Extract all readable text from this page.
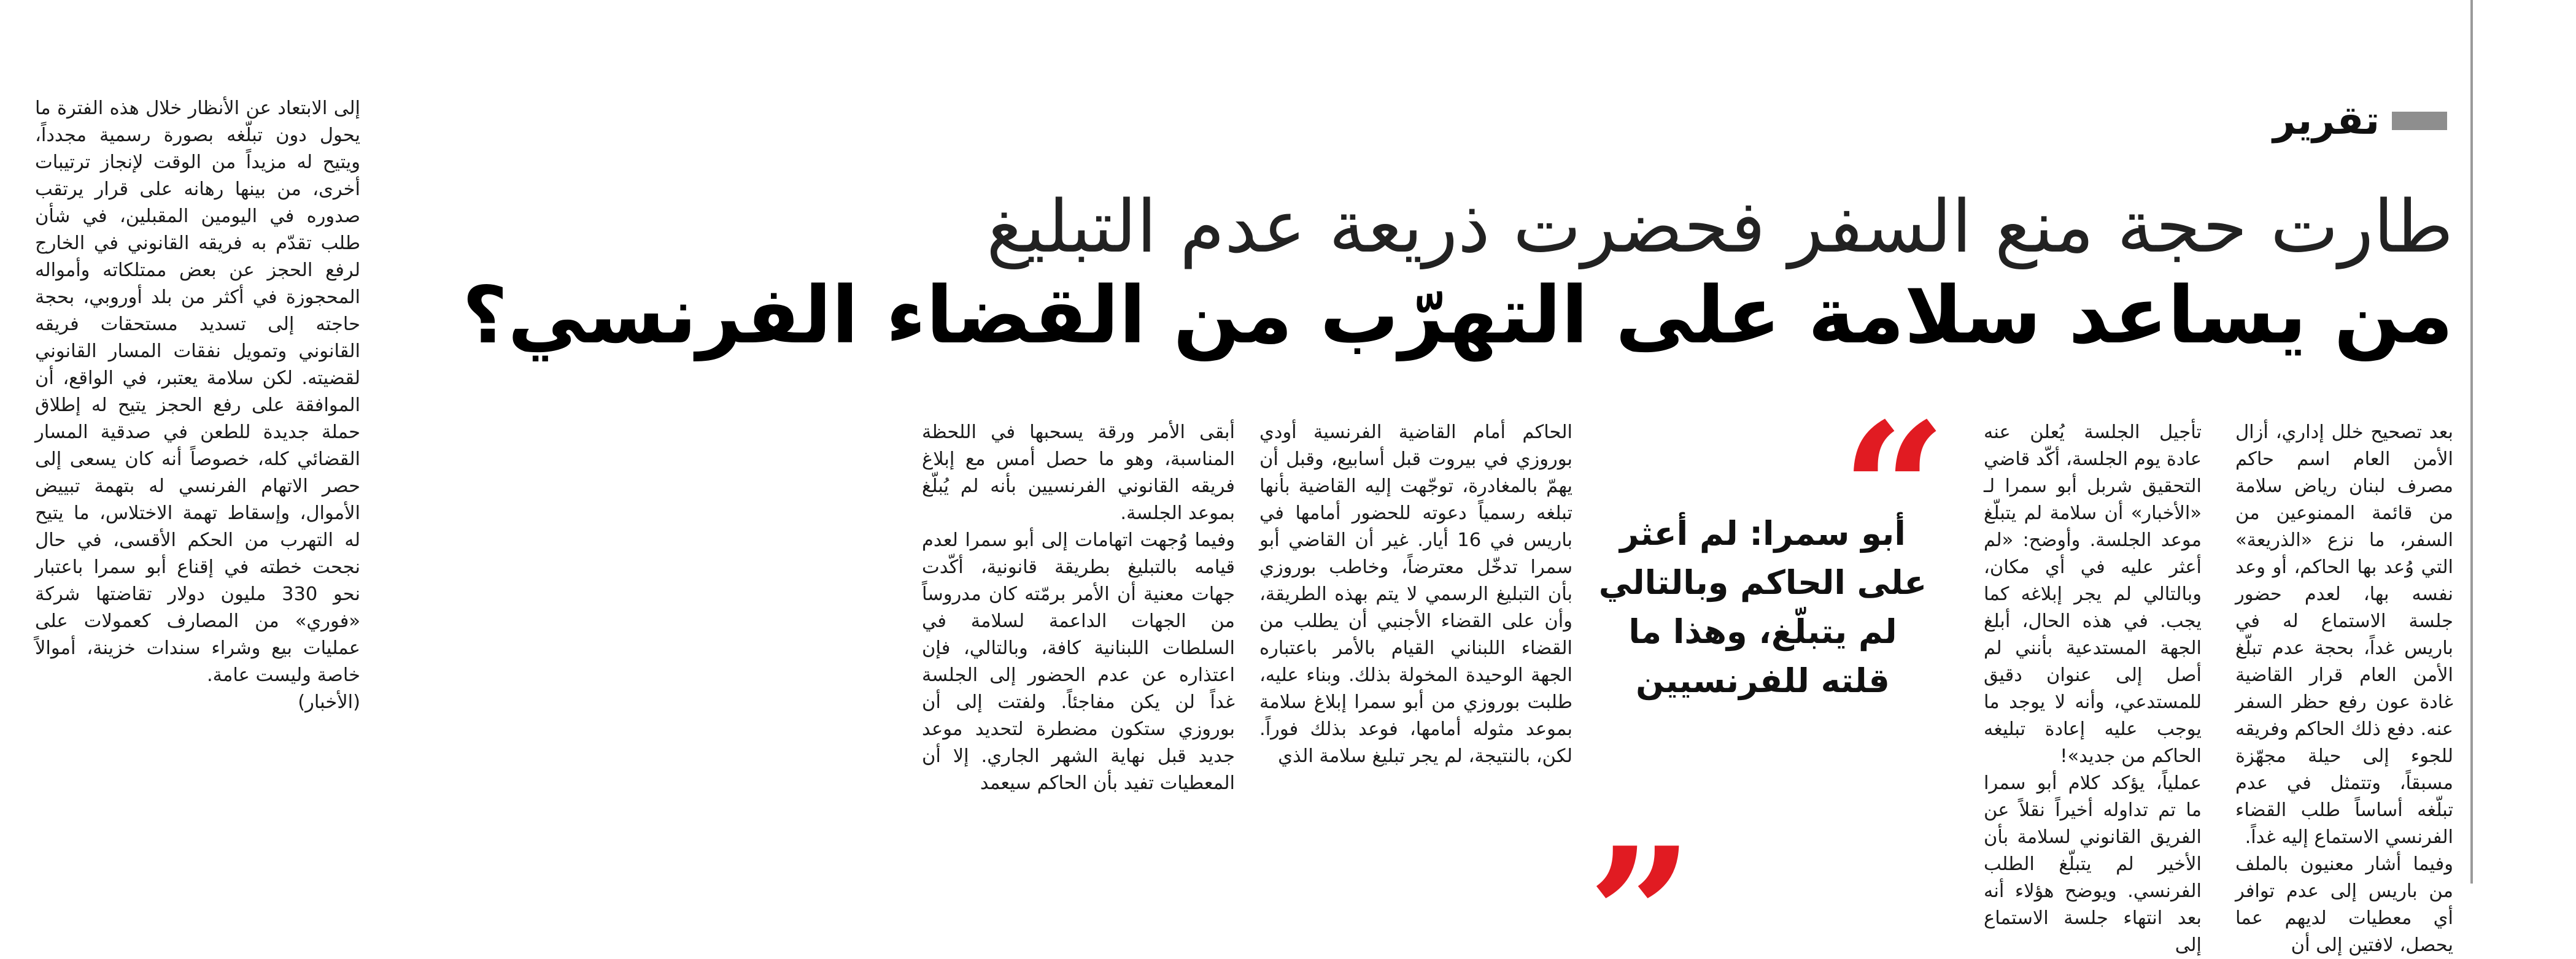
تقرير
طارت حجة منع السفر فحضرت ذريعة عدم التبليغ
من يساعد سلامة على التهرّب من القضاء الفرنسي؟

بعد تصحيح خلل إداري، أزال الأمن العام اسم حاكم مصرف لبنان رياض سلامة من قائمة الممنوعين من السفر، ما نزع «الذريعة» التي وُعد بها الحاكم، أو وعد نفسه بها، لعدم حضور جلسة الاستماع له في باريس غداً، بحجة عدم تبلّغ الأمن العام قرار القاضية غادة عون رفع حظر السفر عنه. دفع ذلك الحاكم وفريقه للجوء إلى حيلة مجهّزة مسبقاً، وتتمثل في عدم تبلّغه أساساً طلب القضاء الفرنسي الاستماع إليه غداً.

وفيما أشار معنيون بالملف من باريس إلى عدم توافر أي معطيات لديهم عما يحصل، لافتين إلى أن

تأجيل الجلسة يُعلن عنه عادة يوم الجلسة، أكّد قاضي التحقيق شربل أبو سمرا لـ «الأخبار» أن سلامة لم يتبلّغ موعد الجلسة. وأوضح: «لم أعثر عليه في أي مكان، وبالتالي لم يجر إبلاغه كما يجب. في هذه الحال، أبلغ الجهة المستدعية بأنني لم أصل إلى عنوان دقيق للمستدعي، وأنه لا يوجد ما يوجب عليه إعادة تبليغه الحاكم من جديد»!

عملياً، يؤكد كلام أبو سمرا ما تم تداوله أخيراً نقلاً عن الفريق القانوني لسلامة بأن الأخير لم يتبلّغ الطلب الفرنسي. ويوضح هؤلاء أنه بعد انتهاء جلسة الاستماع إلى

“
أبو سمرا: لم أعثر على الحاكم وبالتالي لم يتبلّغ، وهذا ما قلته للفرنسيين
„

الحاكم أمام القاضية الفرنسية أودي بوروزي في بيروت قبل أسابيع، وقبل أن يهمّ بالمغادرة، توجّهت إليه القاضية بأنها تبلغه رسمياً دعوته للحضور أمامها في باريس في 16 أيار. غير أن القاضي أبو سمرا تدخّل معترضاً، وخاطب بوروزي بأن التبليغ الرسمي لا يتم بهذه الطريقة، وأن على القضاء الأجنبي أن يطلب من القضاء اللبناني القيام بالأمر باعتباره الجهة الوحيدة المخولة بذلك. وبناء عليه، طلبت بوروزي من أبو سمرا إبلاغ سلامة بموعد مثوله أمامها، فوعد بذلك فوراً. لكن، بالنتيجة، لم يجر تبليغ سلامة الذي

أبقى الأمر ورقة يسحبها في اللحظة المناسبة، وهو ما حصل أمس مع إبلاغ فريقه القانوني الفرنسيين بأنه لم يُبلّغ بموعد الجلسة.

وفيما وُجهت اتهامات إلى أبو سمرا لعدم قيامه بالتبليغ بطريقة قانونية، أكّدت جهات معنية أن الأمر برمّته كان مدروساً من الجهات الداعمة لسلامة في السلطات اللبنانية كافة، وبالتالي، فإن اعتذاره عن عدم الحضور إلى الجلسة غداً لن يكن مفاجئاً. ولفتت إلى أن بوروزي ستكون مضطرة لتحديد موعد جديد قبل نهاية الشهر الجاري. إلا أن المعطيات تفيد بأن الحاكم سيعمد

إلى الابتعاد عن الأنظار خلال هذه الفترة ما يحول دون تبلّغه بصورة رسمية مجدداً، ويتيح له مزيداً من الوقت لإنجاز ترتيبات أخرى، من بينها رهانه على قرار يرتقب صدوره في اليومين المقبلين، في شأن طلب تقدّم به فريقه القانوني في الخارج لرفع الحجز عن بعض ممتلكاته وأمواله المحجوزة في أكثر من بلد أوروبي، بحجة حاجته إلى تسديد مستحقات فريقه القانوني وتمويل نفقات المسار القانوني لقضيته. لكن سلامة يعتبر، في الواقع، أن الموافقة على رفع الحجز يتيح له إطلاق حملة جديدة للطعن في صدقية المسار القضائي كله، خصوصاً أنه كان يسعى إلى حصر الاتهام الفرنسي له بتهمة تبييض الأموال، وإسقاط تهمة الاختلاس، ما يتيح له التهرب من الحكم الأقسى، في حال نجحت خطته في إقناع أبو سمرا باعتبار نحو 330 مليون دولار تقاضتها شركة «فوري» من المصارف كعمولات على عمليات بيع وشراء سندات خزينة، أموالاً خاصة وليست عامة.

(الأخبار)
